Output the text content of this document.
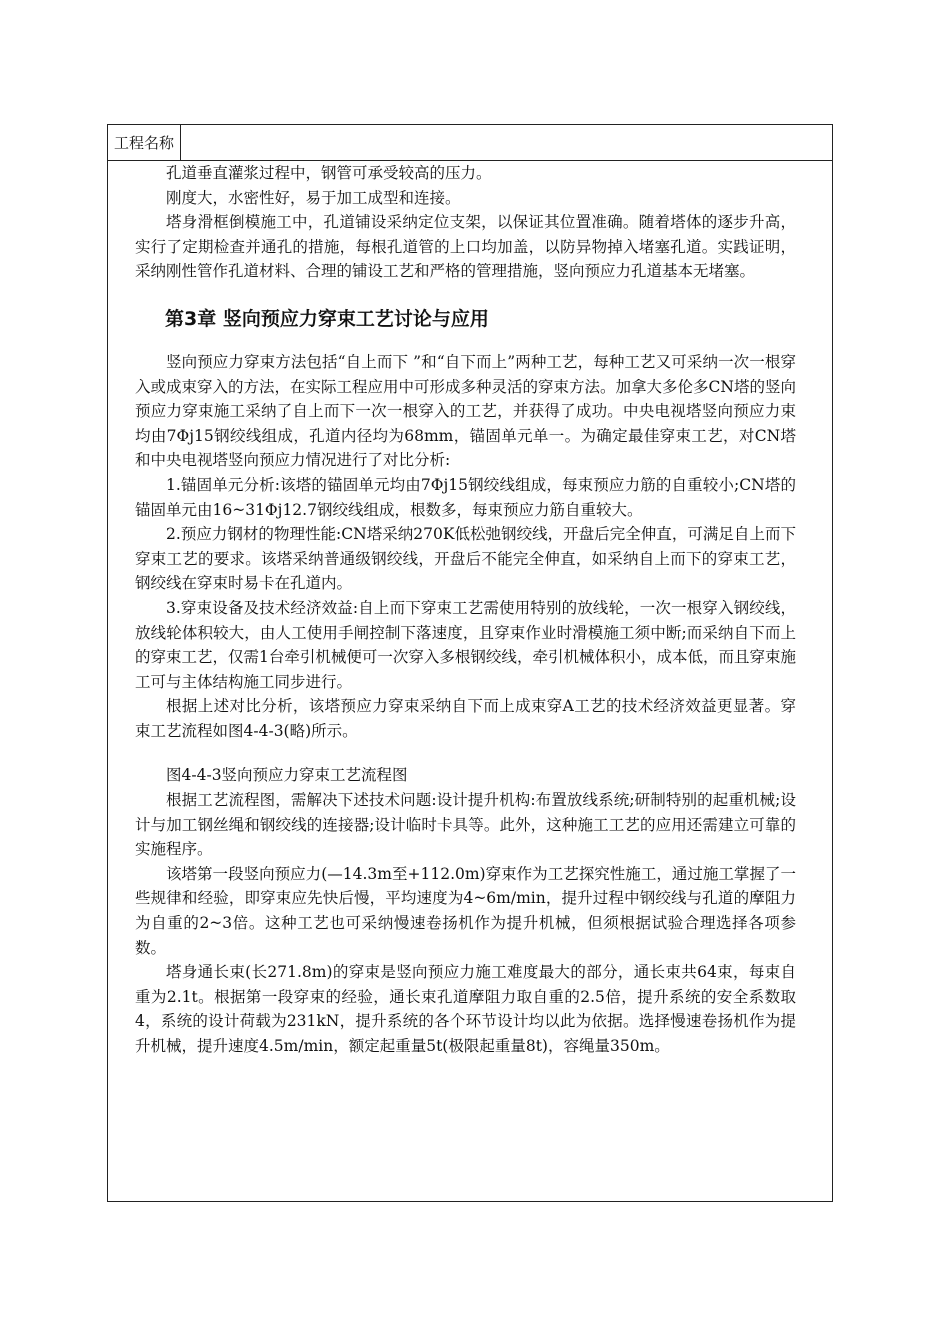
工程名称

孔道垂直灌浆过程中，钢管可承受较高的压力。

刚度大，水密性好，易于加工成型和连接。

塔身滑框倒模施工中，孔道铺设采纳定位支架，以保证其位置准确。随着塔体的逐步升高，实行了定期检查并通孔的措施，每根孔道管的上口均加盖，以防异物掉入堵塞孔道。实践证明，采纳刚性管作孔道材料、合理的铺设工艺和严格的管理措施，竖向预应力孔道基本无堵塞。

第3章 竖向预应力穿束工艺讨论与应用

竖向预应力穿束方法包括“自上而下 ”和“自下而上”两种工艺，每种工艺又可采纳一次一根穿入或成束穿入的方法，在实际工程应用中可形成多种灵活的穿束方法。加拿大多伦多CN塔的竖向预应力穿束施工采纳了自上而下一次一根穿入的工艺，并获得了成功。中央电视塔竖向预应力束均由7Φj15钢绞线组成，孔道内径均为68mm，锚固单元单一。为确定最佳穿束工艺，对CN塔和中央电视塔竖向预应力情况进行了对比分析:

1.锚固单元分析:该塔的锚固单元均由7Φj15钢绞线组成，每束预应力筋的自重较小;CN塔的锚固单元由16~31Φj12.7钢绞线组成，根数多，每束预应力筋自重较大。

2.预应力钢材的物理性能:CN塔采纳270K低松弛钢绞线，开盘后完全伸直，可满足自上而下穿束工艺的要求。该塔采纳普通级钢绞线，开盘后不能完全伸直，如采纳自上而下的穿束工艺，钢绞线在穿束时易卡在孔道内。

3.穿束设备及技术经济效益:自上而下穿束工艺需使用特别的放线轮，一次一根穿入钢绞线，放线轮体积较大，由人工使用手闸控制下落速度，且穿束作业时滑模施工须中断;而采纳自下而上的穿束工艺，仅需1台牵引机械便可一次穿入多根钢绞线，牵引机械体积小，成本低，而且穿束施工可与主体结构施工同步进行。

根据上述对比分析，该塔预应力穿束采纳自下而上成束穿A工艺的技术经济效益更显著。穿束工艺流程如图4-4-3(略)所示。

图4-4-3竖向预应力穿束工艺流程图

根据工艺流程图，需解决下述技术问题:设计提升机构:布置放线系统;研制特别的起重机械;设计与加工钢丝绳和钢绞线的连接器;设计临时卡具等。此外，这种施工工艺的应用还需建立可靠的实施程序。

该塔第一段竖向预应力(—14.3m至+112.0m)穿束作为工艺探究性施工，通过施工掌握了一些规律和经验，即穿束应先快后慢，平均速度为4~6m/min，提升过程中钢绞线与孔道的摩阻力为自重的2~3倍。这种工艺也可采纳慢速卷扬机作为提升机械，但须根据试验合理选择各项参数。

塔身通长束(长271.8m)的穿束是竖向预应力施工难度最大的部分，通长束共64束，每束自重为2.1t。根据第一段穿束的经验，通长束孔道摩阻力取自重的2.5倍，提升系统的安全系数取4，系统的设计荷载为231kN，提升系统的各个环节设计均以此为依据。选择慢速卷扬机作为提升机械，提升速度4.5m/min，额定起重量5t(极限起重量8t)，容绳量350m。
